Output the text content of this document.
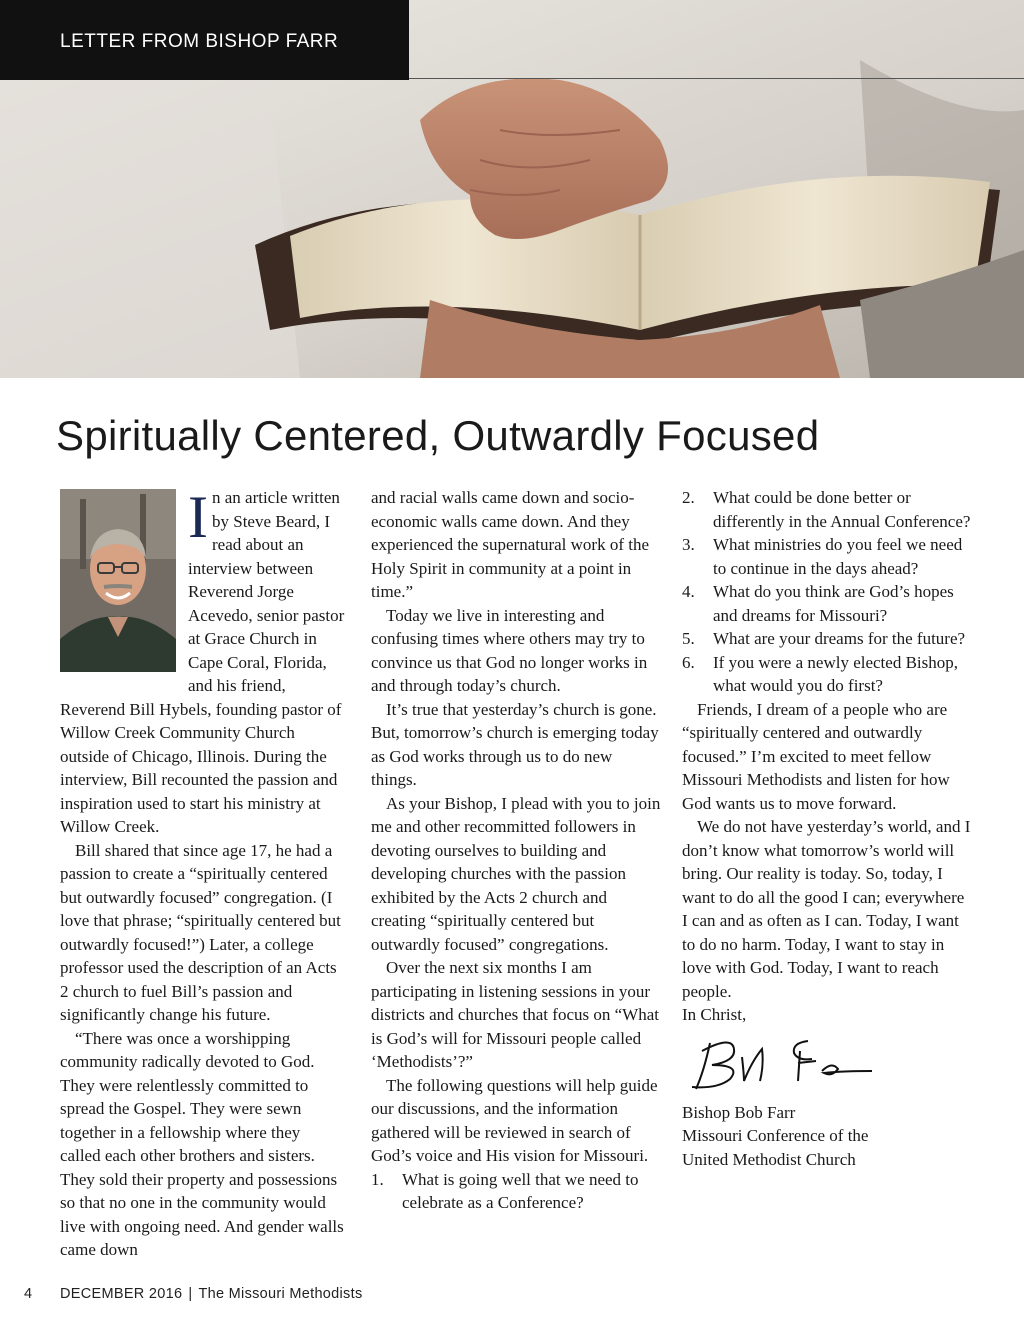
LETTER FROM BISHOP FARR
Spiritually Centered, Outwardly Focused

In an article written by Steve Beard, I read about an interview between Reverend Jorge Acevedo, senior pastor at Grace Church in Cape Coral, Florida, and his friend, Reverend Bill Hybels, founding pastor of Willow Creek Community Church outside of Chicago, Illinois. During the interview, Bill recounted the passion and inspiration used to start his ministry at Willow Creek.

Bill shared that since age 17, he had a passion to create a “spiritually centered but outwardly focused” congregation. (I love that phrase; “spiritually centered but outwardly focused!”) Later, a college professor used the description of an Acts 2 church to fuel Bill’s passion and significantly change his future.

“There was once a worshipping community radically devoted to God. They were relentlessly committed to spread the Gospel. They were sewn together in a fellowship where they called each other brothers and sisters. They sold their property and possessions so that no one in the community would live with ongoing need. And gender walls came down

and racial walls came down and socio-economic walls came down. And they experienced the supernatural work of the Holy Spirit in community at a point in time.”

Today we live in interesting and confusing times where others may try to convince us that God no longer works in and through today’s church.

It’s true that yesterday’s church is gone. But, tomorrow’s church is emerging today as God works through us to do new things.

As your Bishop, I plead with you to join me and other recommitted followers in devoting ourselves to building and developing churches with the passion exhibited by the Acts 2 church and creating “spiritually centered but outwardly focused” congregations.

Over the next six months I am participating in listening sessions in your districts and churches that focus on “What is God’s will for Missouri people called ‘Methodists’?”

The following questions will help guide our discussions, and the information gathered will be reviewed in search of God’s voice and His vision for Missouri.

1. What is going well that we need to celebrate as a Conference?
2. What could be done better or differently in the Annual Conference?
3. What ministries do you feel we need to continue in the days ahead?
4. What do you think are God’s hopes and dreams for Missouri?
5. What are your dreams for the future?
6. If you were a newly elected Bishop, what would you do first?

Friends, I dream of a people who are “spiritually centered and outwardly focused.” I’m excited to meet fellow Missouri Methodists and listen for how God wants us to move forward.

We do not have yesterday’s world, and I don’t know what tomorrow’s world will bring. Our reality is today. So, today, I want to do all the good I can; everywhere I can and as often as I can. Today, I want to do no harm. Today, I want to stay in love with God. Today, I want to reach people.

In Christ,

Bishop Bob Farr

Missouri Conference of the

United Methodist Church

4 DECEMBER 2016 | The Missouri Methodists
